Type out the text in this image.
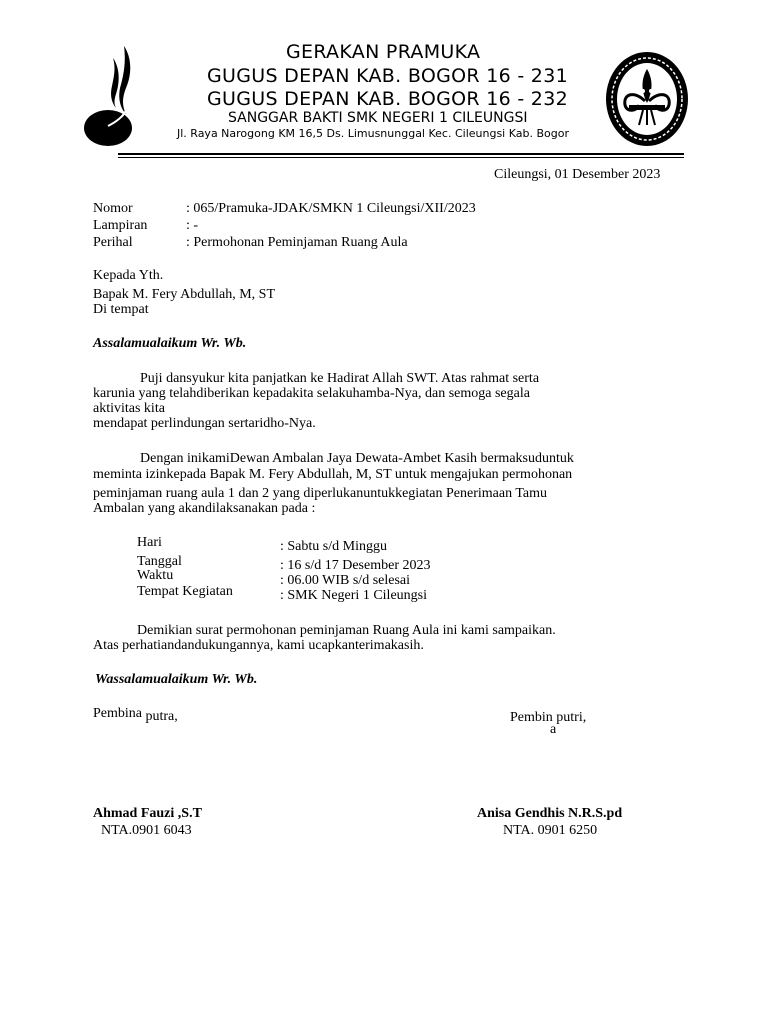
GERAKAN PRAMUKA
GUGUS DEPAN KAB. BOGOR 16 - 231
GUGUS DEPAN KAB. BOGOR 16 - 232
SANGGAR BAKTI SMK NEGERI 1 CILEUNGSI
Jl. Raya Narogong KM 16,5 Ds. Limusnunggal Kec. Cileungsi Kab. Bogor
Cileungsi, 01 Desember 2023
Nomor	: 065/Pramuka-JDAK/SMKN 1 Cileungsi/XII/2023
Lampiran	: -
Perihal	: Permohonan Peminjaman Ruang Aula
Kepada Yth.
Bapak M. Fery Abdullah, M, ST
Di tempat
Assalamualaikum Wr. Wb.
Puji dansyukur kita panjatkan ke Hadirat Allah SWT. Atas rahmat serta
karunia yang telahdiberikan kepadakita selakuhamba-Nya, dan semoga segala
aktivitas kita
mendapat perlindungan sertaridho-Nya.
Dengan inikamiDewan Ambalan Jaya Dewata-Ambet Kasih bermaksuduntuk
meminta izinkepada Bapak M. Fery Abdullah, M, ST untuk mengajukan permohonan
peminjaman ruang aula 1 dan 2 yang diperlukanuntukkegiatan Penerimaan Tamu
Ambalan yang akandilaksanakan pada :
Hari	: Sabtu s/d Minggu
Tanggal	: 16 s/d 17 Desember 2023
Waktu	: 06.00 WIB s/d selesai
Tempat Kegiatan	: SMK Negeri 1 Cileungsi
Demikian surat permohonan peminjaman Ruang Aula ini kami sampaikan.
Atas perhatiandandukungannya, kami ucapkanterimakasih.
Wassalamualaikum Wr. Wb.
Pembina putra,	Pembin putri,
a
Ahmad Fauzi ,S.T
NTA.0901 6043
Anisa Gendhis N.R.S.pd
NTA. 0901 6250
